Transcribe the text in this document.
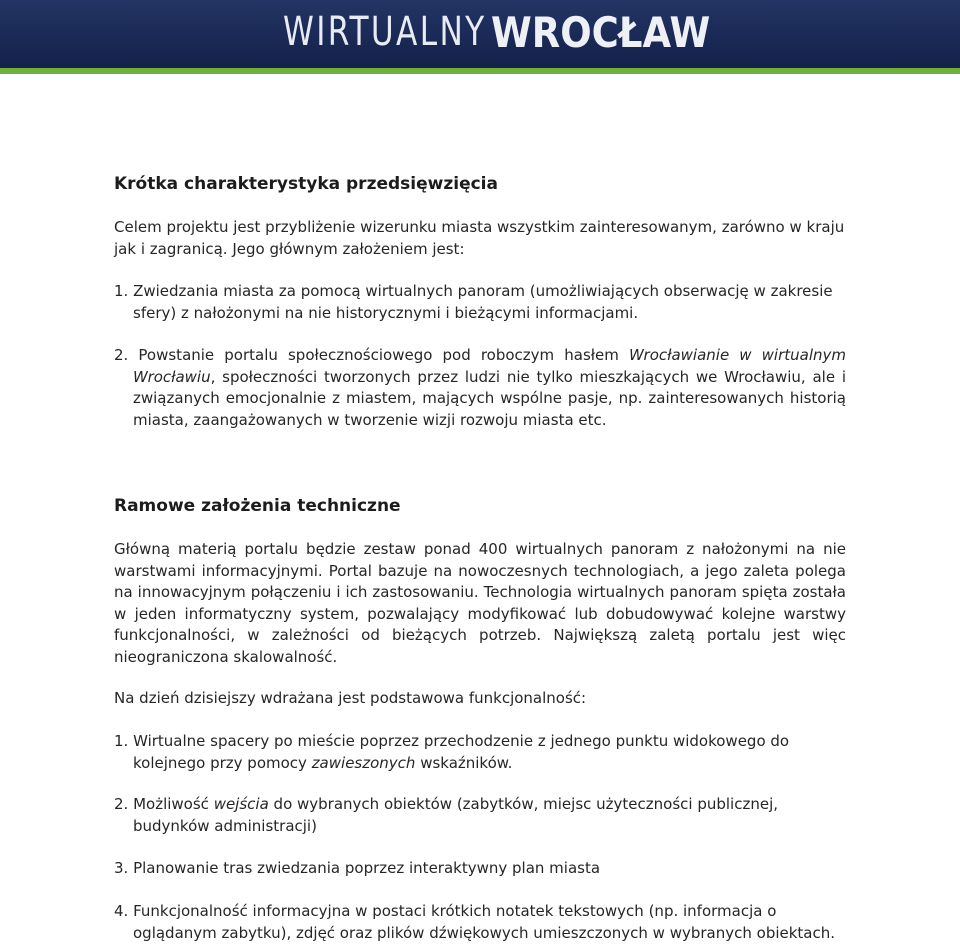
WIRTUALNY WROCŁAW
Krótka charakterystyka przedsięwzięcia

Celem projektu jest przybliżenie wizerunku miasta wszystkim zainteresowanym, zarówno w kraju jak i zagranicą. Jego głównym założeniem jest:

1. Zwiedzania miasta za pomocą wirtualnych panoram (umożliwiających obserwację w zakresie sfery) z nałożonymi na nie historycznymi i bieżącymi informacjami.

2. Powstanie portalu społecznościowego pod roboczym hasłem Wrocławianie w wirtualnym Wrocławiu, społeczności tworzonych przez ludzi nie tylko mieszkających we Wrocławiu, ale i związanych emocjonalnie z miastem, mających wspólne pasje, np. zainteresowanych historią miasta, zaangażowanych w tworzenie wizji rozwoju miasta etc.

Ramowe założenia techniczne

Główną materią portalu będzie zestaw ponad 400 wirtualnych panoram z nałożonymi na nie warstwami informacyjnymi. Portal bazuje na nowoczesnych technologiach, a jego zaleta polega na innowacyjnym połączeniu i ich zastosowaniu. Technologia wirtualnych panoram spięta została w jeden informatyczny system, pozwalający modyfikować lub dobudowywać kolejne warstwy funkcjonalności, w zależności od bieżących potrzeb. Największą zaletą portalu jest więc nieograniczona skalowalność.

Na dzień dzisiejszy wdrażana jest podstawowa funkcjonalność:

1. Wirtualne spacery po mieście poprzez przechodzenie z jednego punktu widokowego do kolejnego przy pomocy zawieszonych wskaźników.

2. Możliwość wejścia do wybranych obiektów (zabytków, miejsc użyteczności publicznej, budynków administracji)

3. Planowanie tras zwiedzania poprzez interaktywny plan miasta

4. Funkcjonalność informacyjna w postaci krótkich notatek tekstowych (np. informacja o oglądanym zabytku), zdjęć oraz plików dźwiękowych umieszczonych w wybranych obiektach.
